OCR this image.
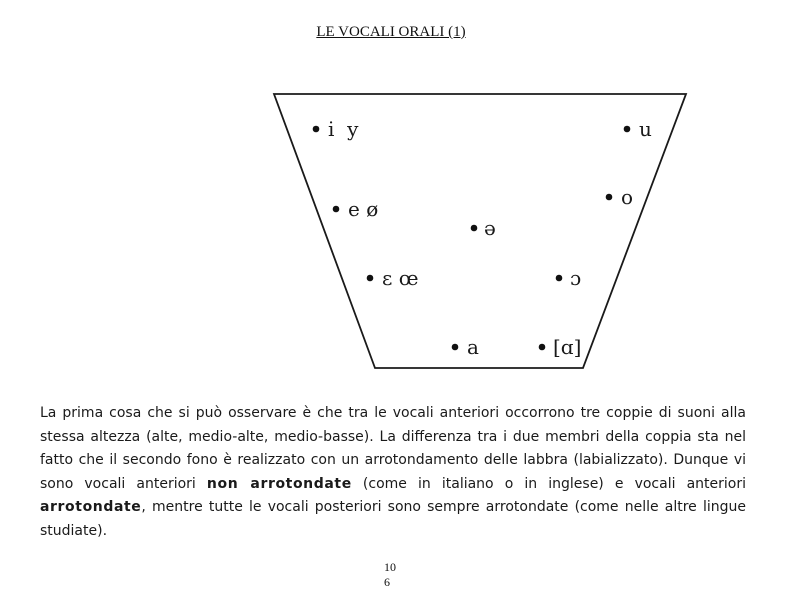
LE VOCALI ORALI (1)
i  y	u
e ø	o
ə
ɛ œ	ɔ
a	[ɑ]

La prima cosa che si può osservare è che tra le vocali anteriori occorrono tre coppie di suoni alla stessa altezza (alte, medio-alte, medio-basse). La differenza tra i due membri della coppia sta nel fatto che il secondo fono è realizzato con un arrotondamento delle labbra (labializzato). Dunque vi sono vocali anteriori non arrotondate (come in italiano o in inglese) e vocali anteriori arrotondate, mentre tutte le vocali posteriori sono sempre arrotondate (come nelle altre lingue studiate).

10
6
